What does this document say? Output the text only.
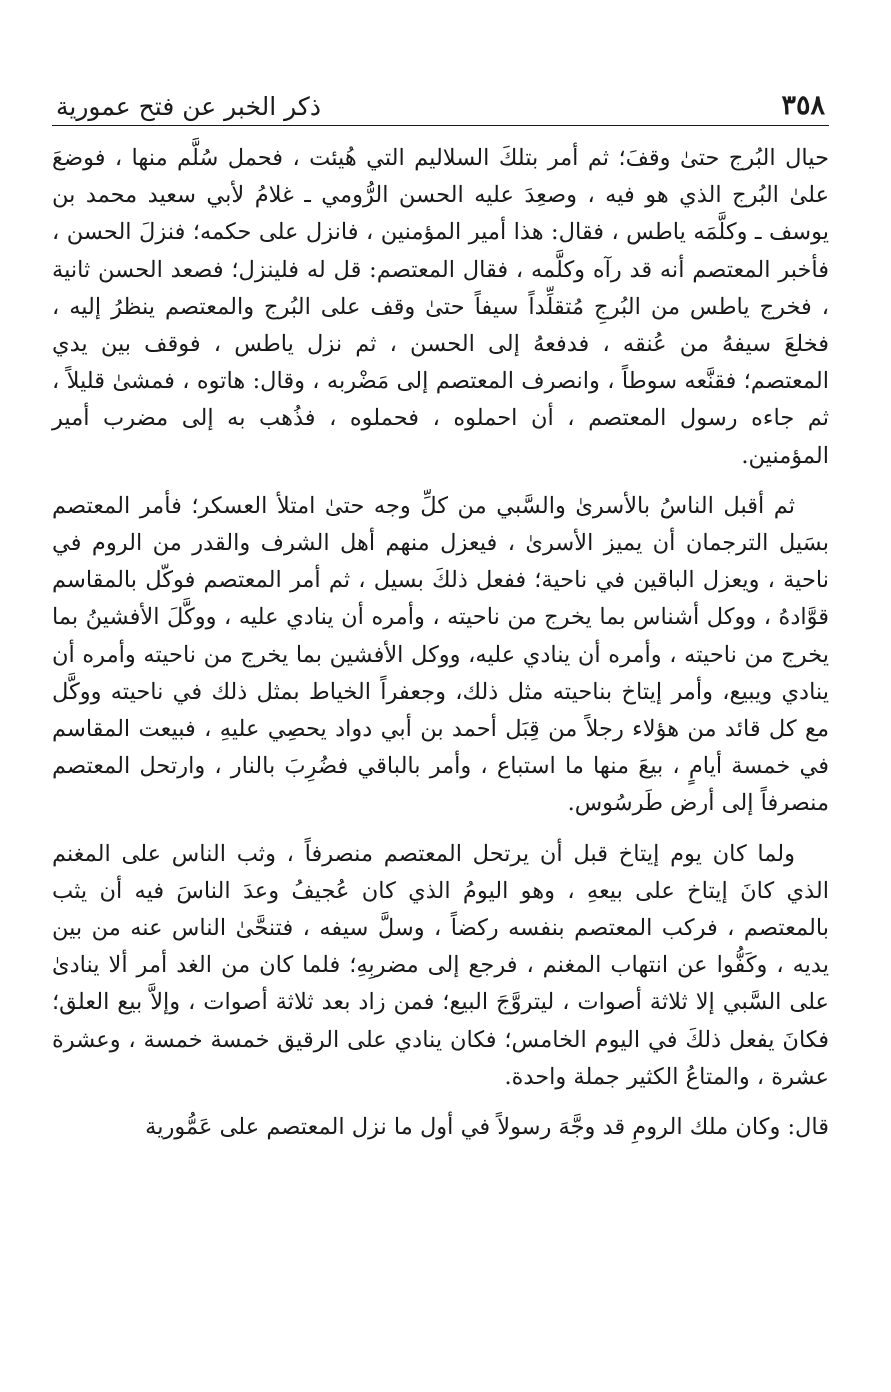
٣٥٨
ذكر الخبر عن فتح عمورية

حيال البُرج حتىٰ وقفَ؛ ثم أمر بتلكَ السلاليم التي هُيئت ، فحمل سُلَّم منها ، فوضعَ علىٰ البُرج الذي هو فيه ، وصعِدَ عليه الحسن الرُّومي ـ غلامُ لأبي سعيد محمد بن يوسف ـ وكلَّمَه ياطس ، فقال: هذا أمير المؤمنين ، فانزل على حكمه؛ فنزلَ الحسن ، فأخبر المعتصم أنه قد رآه وكلَّمه ، فقال المعتصم: قل له فلينزل؛ فصعد الحسن ثانية ، فخرج ياطس من البُرجِ مُتقلِّداً سيفاً حتىٰ وقف على البُرج والمعتصم ينظرُ إليه ، فخلعَ سيفهُ من عُنقه ، فدفعهُ إلى الحسن ، ثم نزل ياطس ، فوقف بين يدي المعتصم؛ فقنَّعه سوطاً ، وانصرف المعتصم إلى مَضْربه ، وقال: هاتوه ، فمشىٰ قليلاً ، ثم جاءه رسول المعتصم ، أن احملوه ، فحملوه ، فذُهب به إلى مضرب أمير المؤمنين.

ثم أقبل الناسُ بالأسرىٰ والسَّبي من كلِّ وجه حتىٰ امتلأ العسكر؛ فأمر المعتصم بسَيل الترجمان أن يميز الأسرىٰ ، فيعزل منهم أهل الشرف والقدر من الروم في ناحية ، ويعزل الباقين في ناحية؛ ففعل ذلكَ بسيل ، ثم أمر المعتصم فوكّل بالمقاسم قوَّادهُ ، ووكل أشناس بما يخرج من ناحيته ، وأمره أن ينادي عليه ، ووكَّلَ الأفشينُ بما يخرج من ناحيته ، وأمره أن ينادي عليه، ووكل الأفشين بما يخرج من ناحيته وأمره أن ينادي ويبيع، وأمر إيتاخ بناحيته مثل ذلك، وجعفراً الخياط بمثل ذلك في ناحيته ووكَّل مع كل قائد من هؤلاء رجلاً من قِبَل أحمد بن أبي دواد يحصِي عليهِ ، فبيعت المقاسم في خمسة أيامٍ ، بيعَ منها ما استباع ، وأمر بالباقي فضُرِبَ بالنار ، وارتحل المعتصم منصرفاً إلى أرض طَرسُوس.

ولما كان يوم إيتاخ قبل أن يرتحل المعتصم منصرفاً ، وثب الناس على المغنم الذي كانَ إيتاخ على بيعهِ ، وهو اليومُ الذي كان عُجيفُ وعدَ الناسَ فيه أن يثب بالمعتصم ، فركب المعتصم بنفسه ركضاً ، وسلَّ سيفه ، فتنحَّىٰ الناس عنه من بين يديه ، وكَفُّوا عن انتهاب المغنم ، فرجع إلى مضربِهِ؛ فلما كان من الغد أمر ألا ينادىٰ على السَّبي إلا ثلاثة أصوات ، ليتروَّجَ البيع؛ فمن زاد بعد ثلاثة أصوات ، وإلاَّ بيع العلق؛ فكانَ يفعل ذلكَ في اليوم الخامس؛ فكان ينادي على الرقيق خمسة خمسة ، وعشرة عشرة ، والمتاعُ الكثير جملة واحدة.

قال: وكان ملك الرومِ قد وجَّهَ رسولاً في أول ما نزل المعتصم على عَمُّورية
